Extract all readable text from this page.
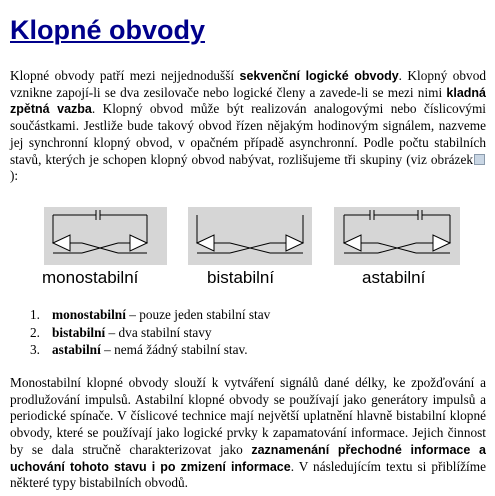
Klopné obvody

Klopné obvody patří mezi nejjednodušší sekvenční logické obvody. Klopný obvod vznikne zapojí-li se dva zesilovače nebo logické členy a zavede-li se mezi nimi kladná zpětná vazba. Klopný obvod může být realizován analogovými nebo číslicovými součástkami. Jestliže bude takový obvod řízen nějakým hodinovým signálem, nazveme jej synchronní klopný obvod, v opačném případě asynchronní. Podle počtu stabilních stavů, kterých je schopen klopný obvod nabývat, rozlišujeme tři skupiny (viz obrázek):

monostabilní	bistabilní	astabilní

1. monostabilní – pouze jeden stabilní stav
2. bistabilní – dva stabilní stavy
3. astabilní – nemá žádný stabilní stav.

Monostabilní klopné obvody slouží k vytváření signálů dané délky, ke zpožďování a prodlužování impulsů. Astabilní klopné obvody se používají jako generátory impulsů a periodické spínače. V číslicové technice mají největší uplatnění hlavně bistabilní klopné obvody, které se používají jako logické prvky k zapamatování informace. Jejich činnost by se dala stručně charakterizovat jako zaznamenání přechodné informace a uchování tohoto stavu i po zmizení informace. V následujícím textu si přiblížíme některé typy bistabilních obvodů.
